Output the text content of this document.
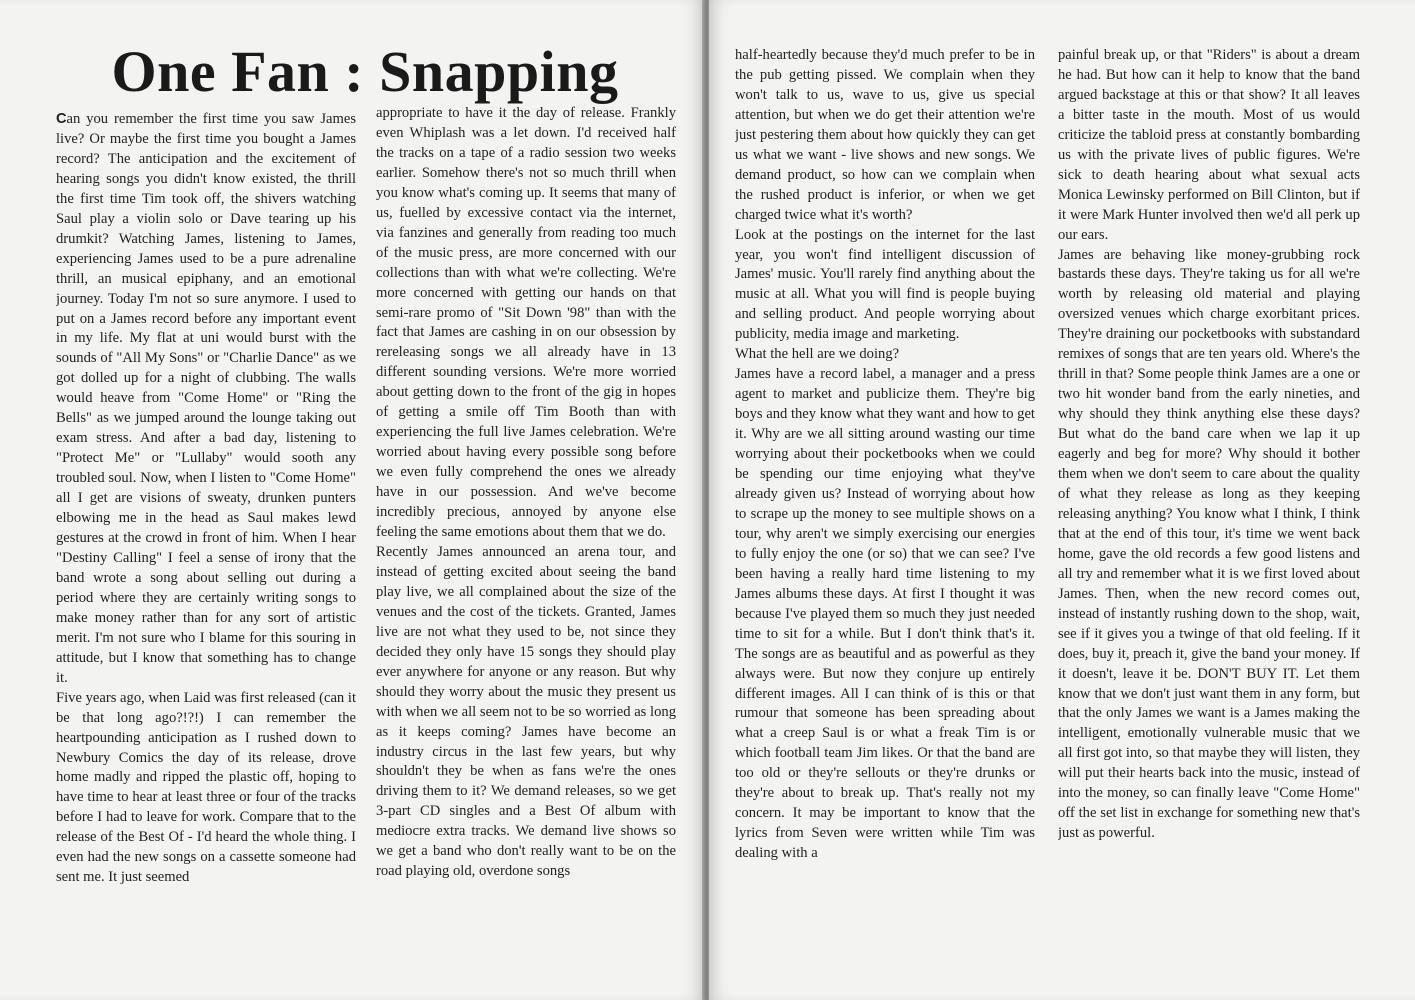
One Fan : Snapping

Can you remember the first time you saw James live? Or maybe the first time you bought a James record? The anticipation and the excitement of hearing songs you didn't know existed, the thrill the first time Tim took off, the shivers watching Saul play a violin solo or Dave tearing up his drumkit? Watching James, listening to James, experiencing James used to be a pure adrenaline thrill, an musical epiphany, and an emotional journey. Today I'm not so sure anymore. I used to put on a James record before any important event in my life. My flat at uni would burst with the sounds of "All My Sons" or "Charlie Dance" as we got dolled up for a night of clubbing. The walls would heave from "Come Home" or "Ring the Bells" as we jumped around the lounge taking out exam stress. And after a bad day, listening to "Protect Me" or "Lullaby" would sooth any troubled soul. Now, when I listen to "Come Home" all I get are visions of sweaty, drunken punters elbowing me in the head as Saul makes lewd gestures at the crowd in front of him. When I hear "Destiny Calling" I feel a sense of irony that the band wrote a song about selling out during a period where they are certainly writing songs to make money rather than for any sort of artistic merit. I'm not sure who I blame for this souring in attitude, but I know that something has to change it.

Five years ago, when Laid was first released (can it be that long ago?!?!) I can remember the heartpounding anticipation as I rushed down to Newbury Comics the day of its release, drove home madly and ripped the plastic off, hoping to have time to hear at least three or four of the tracks before I had to leave for work. Compare that to the release of the Best Of - I'd heard the whole thing. I even had the new songs on a cassette someone had sent me. It just seemed

appropriate to have it the day of release. Frankly even Whiplash was a let down. I'd received half the tracks on a tape of a radio session two weeks earlier. Somehow there's not so much thrill when you know what's coming up. It seems that many of us, fuelled by excessive contact via the internet, via fanzines and generally from reading too much of the music press, are more concerned with our collections than with what we're collecting. We're more concerned with getting our hands on that semi-rare promo of "Sit Down '98" than with the fact that James are cashing in on our obsession by rereleasing songs we all already have in 13 different sounding versions. We're more worried about getting down to the front of the gig in hopes of getting a smile off Tim Booth than with experiencing the full live James celebration. We're worried about having every possible song before we even fully comprehend the ones we already have in our possession. And we've become incredibly precious, annoyed by anyone else feeling the same emotions about them that we do.

Recently James announced an arena tour, and instead of getting excited about seeing the band play live, we all complained about the size of the venues and the cost of the tickets. Granted, James live are not what they used to be, not since they decided they only have 15 songs they should play ever anywhere for anyone or any reason. But why should they worry about the music they present us with when we all seem not to be so worried as long as it keeps coming? James have become an industry circus in the last few years, but why shouldn't they be when as fans we're the ones driving them to it? We demand releases, so we get 3-part CD singles and a Best Of album with mediocre extra tracks. We demand live shows so we get a band who don't really want to be on the road playing old, overdone songs

half-heartedly because they'd much prefer to be in the pub getting pissed. We complain when they won't talk to us, wave to us, give us special attention, but when we do get their attention we're just pestering them about how quickly they can get us what we want - live shows and new songs. We demand product, so how can we complain when the rushed product is inferior, or when we get charged twice what it's worth?

Look at the postings on the internet for the last year, you won't find intelligent discussion of James' music. You'll rarely find anything about the music at all. What you will find is people buying and selling product. And people worrying about publicity, media image and marketing.

What the hell are we doing?

James have a record label, a manager and a press agent to market and publicize them. They're big boys and they know what they want and how to get it. Why are we all sitting around wasting our time worrying about their pocketbooks when we could be spending our time enjoying what they've already given us? Instead of worrying about how to scrape up the money to see multiple shows on a tour, why aren't we simply exercising our energies to fully enjoy the one (or so) that we can see? I've been having a really hard time listening to my James albums these days. At first I thought it was because I've played them so much they just needed time to sit for a while. But I don't think that's it. The songs are as beautiful and as powerful as they always were. But now they conjure up entirely different images. All I can think of is this or that rumour that someone has been spreading about what a creep Saul is or what a freak Tim is or which football team Jim likes. Or that the band are too old or they're sellouts or they're drunks or they're about to break up. That's really not my concern. It may be important to know that the lyrics from Seven were written while Tim was dealing with a

painful break up, or that "Riders" is about a dream he had. But how can it help to know that the band argued backstage at this or that show? It all leaves a bitter taste in the mouth. Most of us would criticize the tabloid press at constantly bombarding us with the private lives of public figures. We're sick to death hearing about what sexual acts Monica Lewinsky performed on Bill Clinton, but if it were Mark Hunter involved then we'd all perk up our ears.

James are behaving like money-grubbing rock bastards these days. They're taking us for all we're worth by releasing old material and playing oversized venues which charge exorbitant prices. They're draining our pocketbooks with substandard remixes of songs that are ten years old. Where's the thrill in that? Some people think James are a one or two hit wonder band from the early nineties, and why should they think anything else these days? But what do the band care when we lap it up eagerly and beg for more? Why should it bother them when we don't seem to care about the quality of what they release as long as they keeping releasing anything? You know what I think, I think that at the end of this tour, it's time we went back home, gave the old records a few good listens and all try and remember what it is we first loved about James. Then, when the new record comes out, instead of instantly rushing down to the shop, wait, see if it gives you a twinge of that old feeling. If it does, buy it, preach it, give the band your money. If it doesn't, leave it be. DON'T BUY IT. Let them know that we don't just want them in any form, but that the only James we want is a James making the intelligent, emotionally vulnerable music that we all first got into, so that maybe they will listen, they will put their hearts back into the music, instead of into the money, so can finally leave "Come Home" off the set list in exchange for something new that's just as powerful.
